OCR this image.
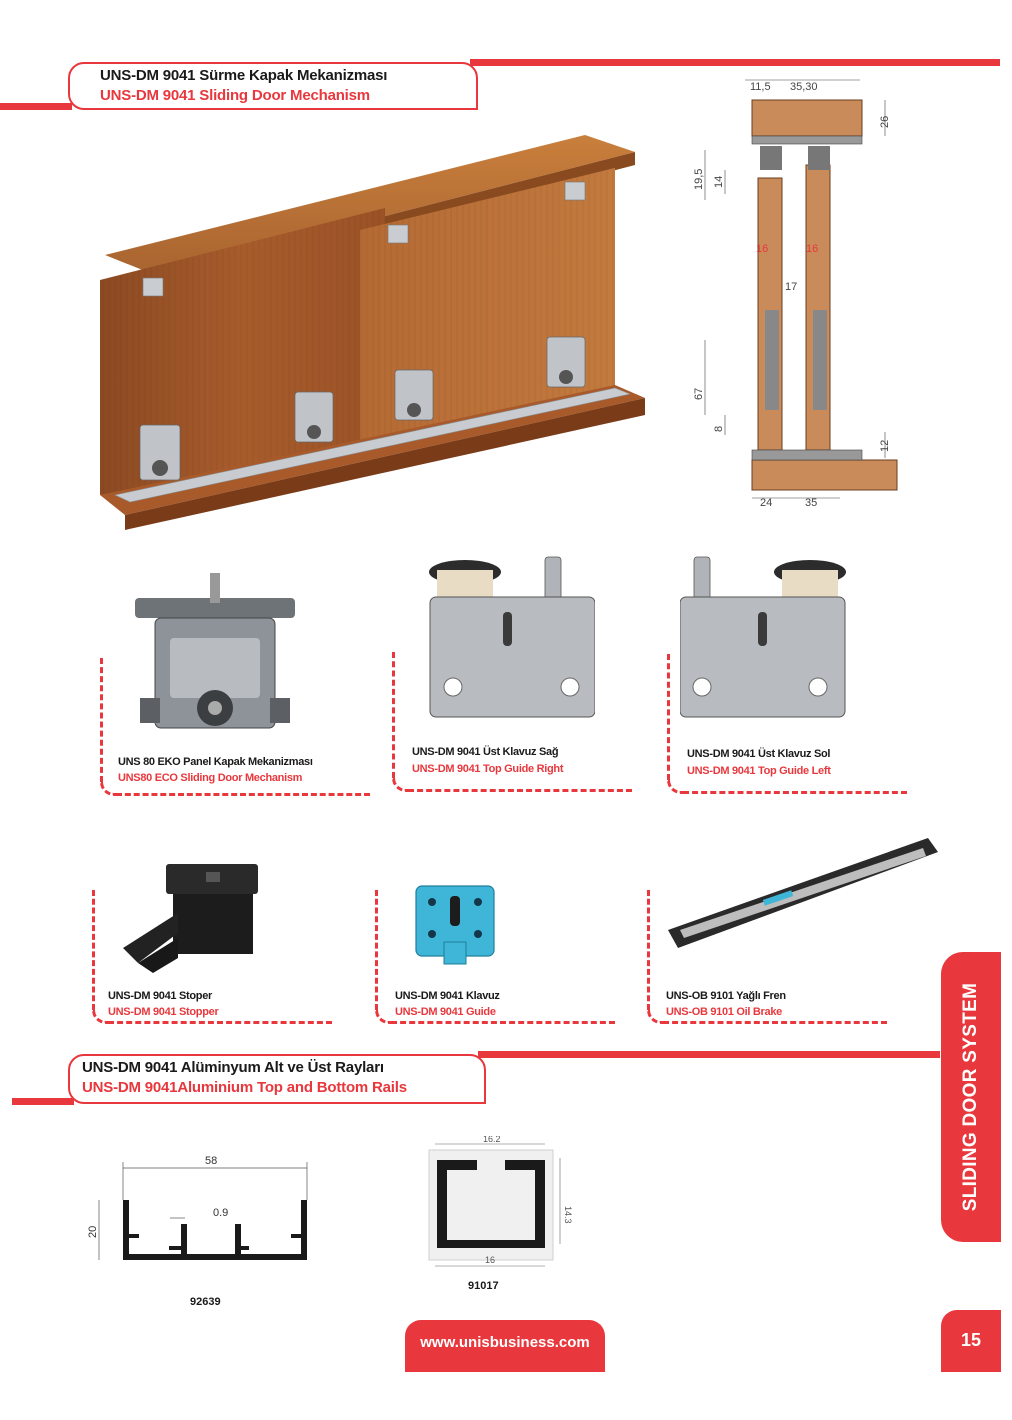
UNS-DM 9041 Sürme Kapak Mekanizması
UNS-DM 9041 Sliding Door Mechanism	11,5 35,30
26
19,5 14
16	16
17
67
8
12
24	35
UNS 80 EKO Panel Kapak Mekanizması
UNS80 ECO Sliding Door Mechanism
UNS-DM 9041 Üst Klavuz Sağ
UNS-DM 9041 Top Guide Right
UNS-DM 9041 Üst Klavuz Sol
UNS-DM 9041 Top Guide Left
UNS-DM 9041 Stoper
UNS-DM 9041 Stopper
UNS-DM 9041 Klavuz
UNS-DM 9041 Guide
UNS-OB 9101 Yağlı Fren
UNS-OB 9101 Oil Brake
UNS-DM 9041 Alüminyum Alt ve Üst Rayları
UNS-DM 9041Aluminium Top and Bottom Rails
58
0.9
20
92639
16.2
14.3
16
91017
SLIDING DOOR SYSTEM
www.unisbusiness.com	15
